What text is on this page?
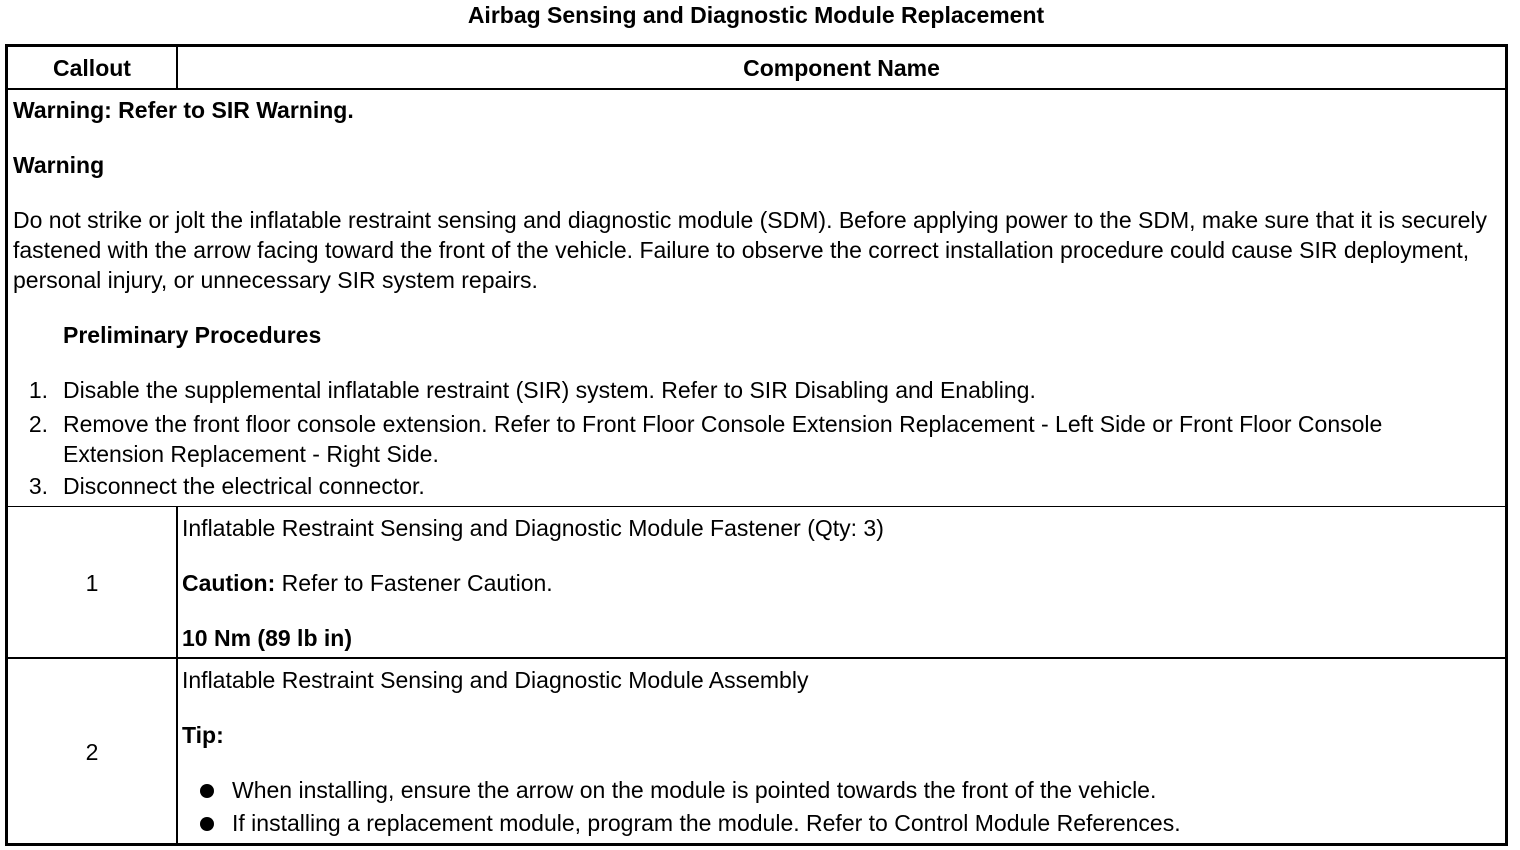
Airbag Sensing and Diagnostic Module Replacement
Callout	Component Name
Warning: Refer to SIR Warning.
Warning
Do not strike or jolt the inflatable restraint sensing and diagnostic module (SDM). Before applying power to the SDM, make sure that it is securely fastened with the arrow facing toward the front of the vehicle. Failure to observe the correct installation procedure could cause SIR deployment, personal injury, or unnecessary SIR system repairs.
Preliminary Procedures
1. Disable the supplemental inflatable restraint (SIR) system. Refer to SIR Disabling and Enabling.
2. Remove the front floor console extension. Refer to Front Floor Console Extension Replacement - Left Side or Front Floor Console
Extension Replacement - Right Side.
3. Disconnect the electrical connector.
1
Inflatable Restraint Sensing and Diagnostic Module Fastener (Qty: 3)
Caution: Refer to Fastener Caution.
10 Nm (89 lb in)
2
Inflatable Restraint Sensing and Diagnostic Module Assembly
Tip:
When installing, ensure the arrow on the module is pointed towards the front of the vehicle.
If installing a replacement module, program the module. Refer to Control Module References.
